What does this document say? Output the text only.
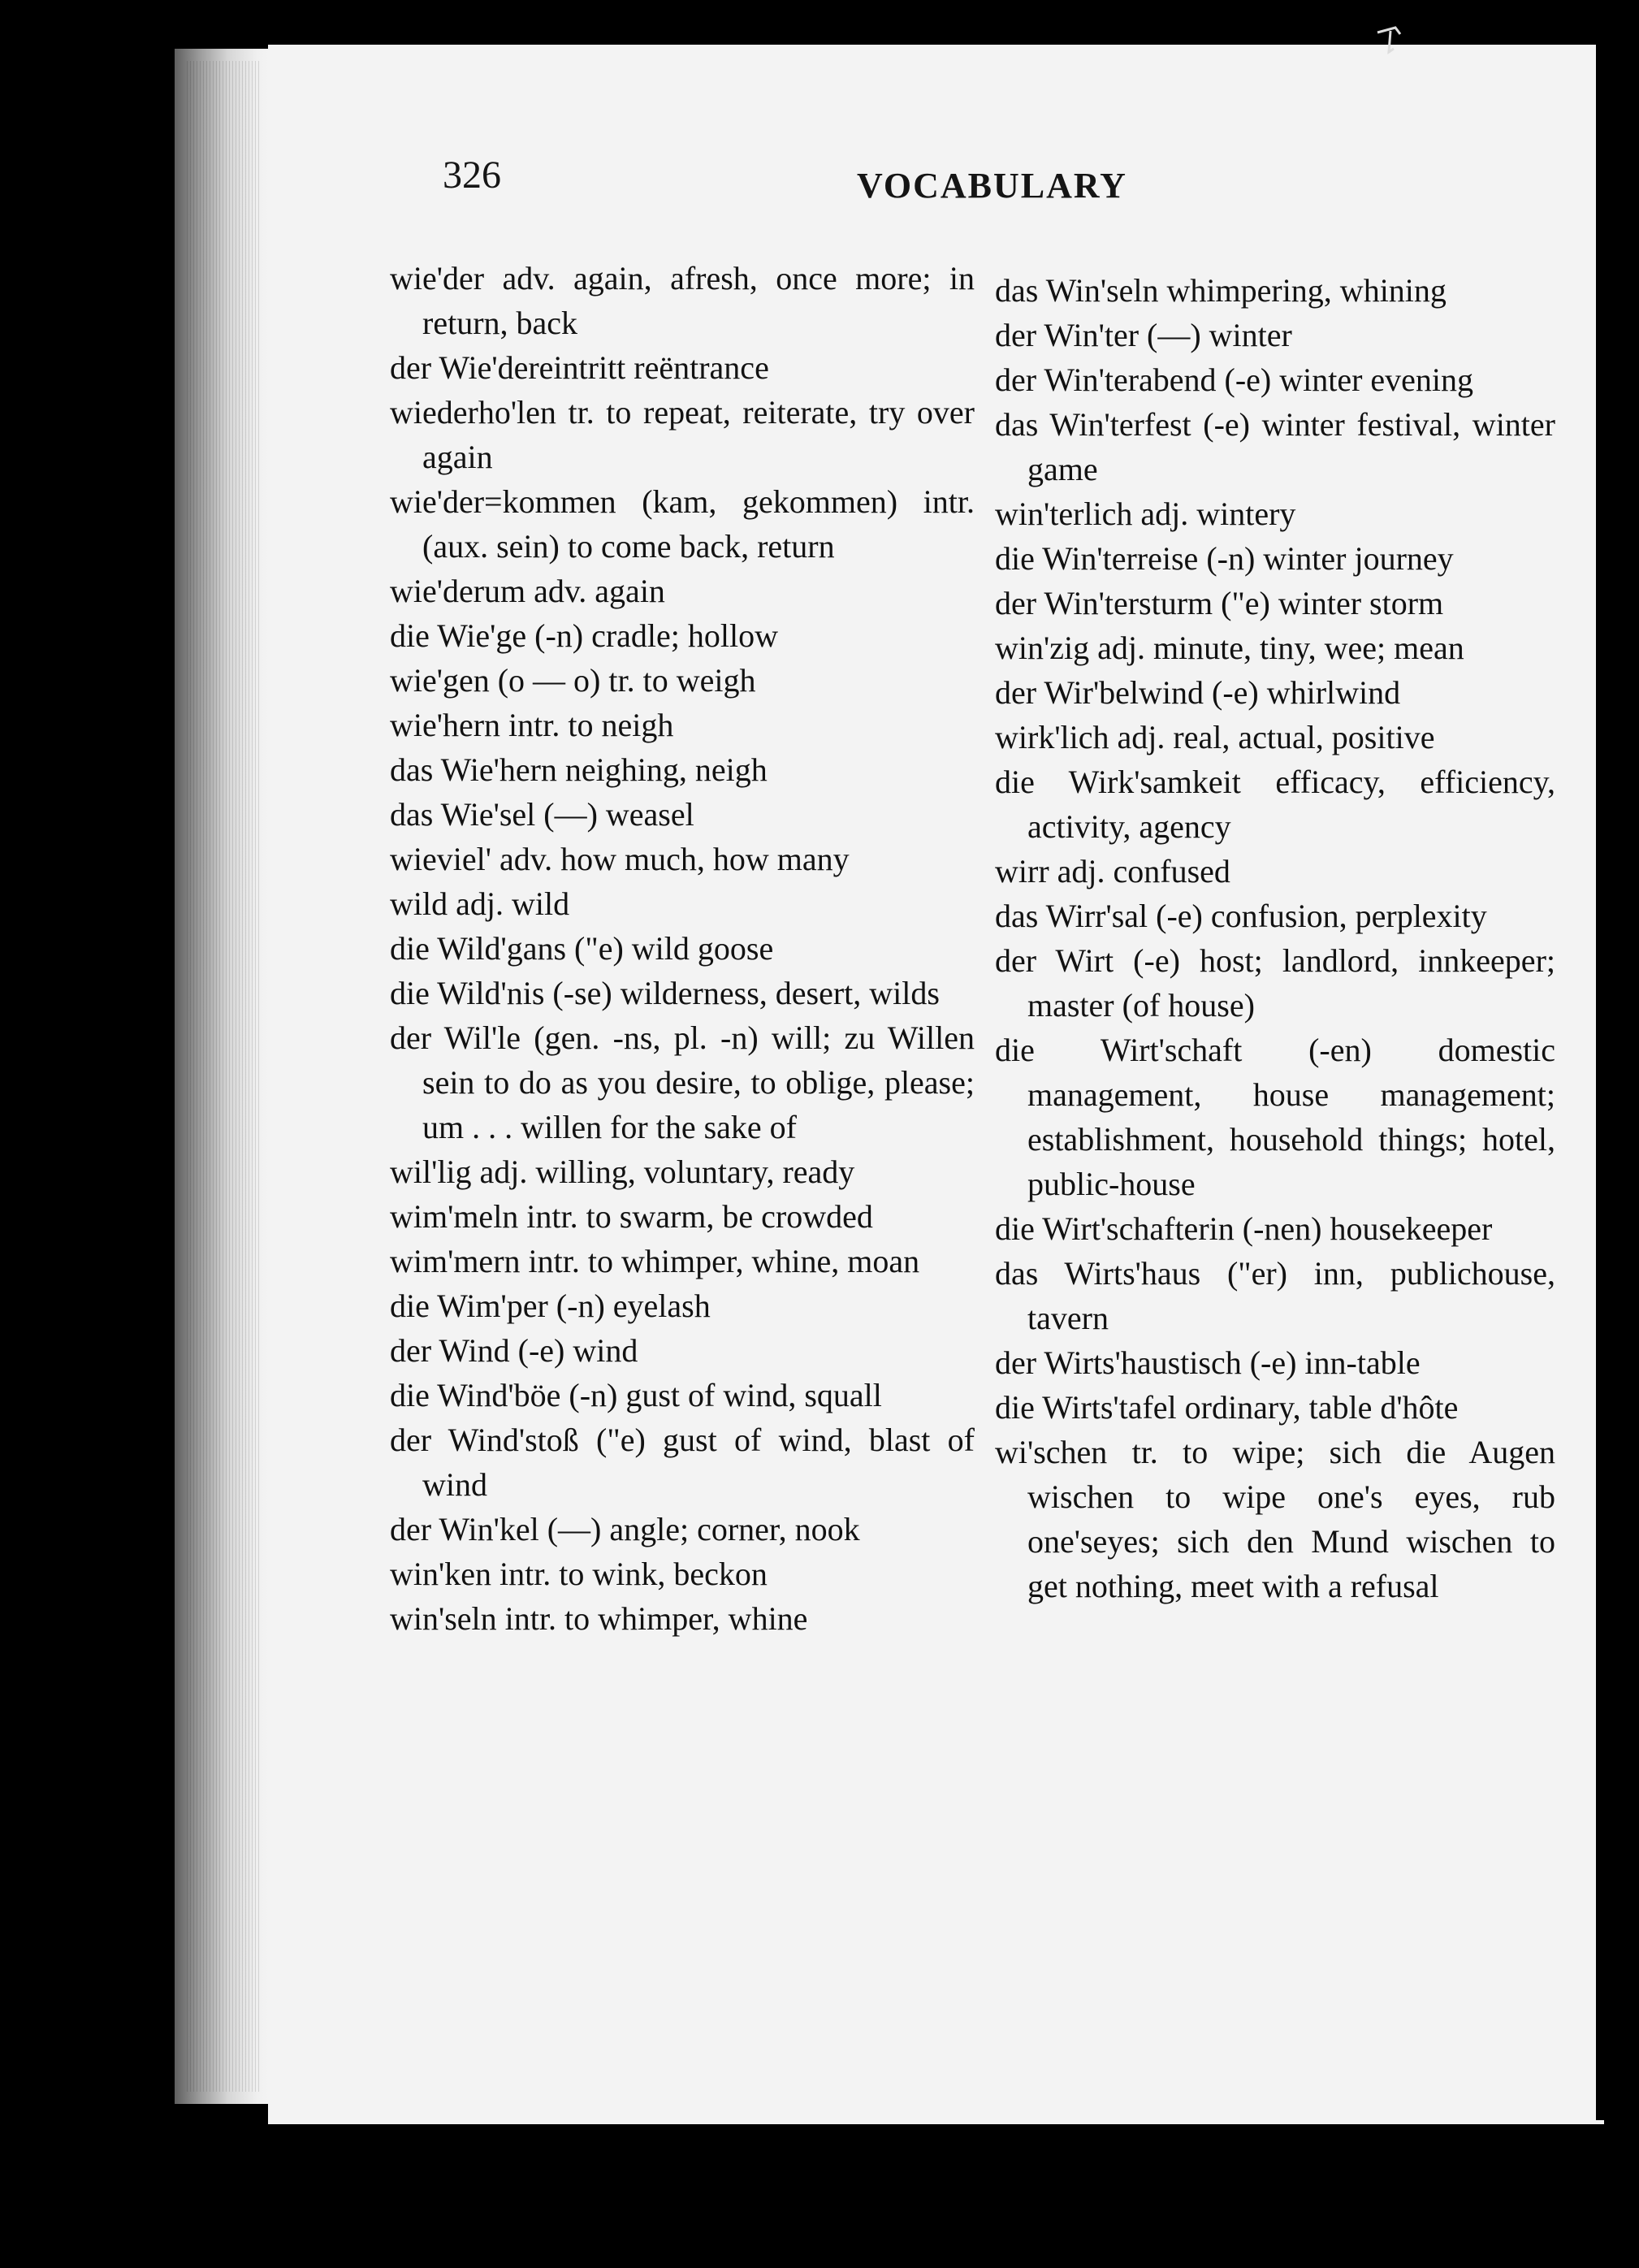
326	VOCABULARY

wie'der adv. again, afresh, once more; in return, back

der Wie'dereintritt reëntrance

wiederho'len tr. to repeat, reiterate, try over again

wie'der=kommen (kam, gekommen) intr. (aux. sein) to come back, return

wie'derum adv. again

die Wie'ge (-n) cradle; hollow

wie'gen (o — o) tr. to weigh

wie'hern intr. to neigh

das Wie'hern neighing, neigh

das Wie'sel (—) weasel

wieviel' adv. how much, how many

wild adj. wild

die Wild'gans ("e) wild goose

die Wild'nis (-se) wilderness, desert, wilds

der Wil'le (gen. -ns, pl. -n) will; zu Willen sein to do as you desire, to oblige, please; um . . . willen for the sake of

wil'lig adj. willing, voluntary, ready

wim'meln intr. to swarm, be crowded

wim'mern intr. to whimper, whine, moan

die Wim'per (-n) eyelash

der Wind (-e) wind

die Wind'böe (-n) gust of wind, squall

der Wind'stoß ("e) gust of wind, blast of wind

der Win'kel (—) angle; corner, nook

win'ken intr. to wink, beckon

win'seln intr. to whimper, whine

das Win'seln whimpering, whining

der Win'ter (—) winter

der Win'terabend (-e) winter evening

das Win'terfest (-e) winter festival, winter game

win'terlich adj. wintery

die Win'terreise (-n) winter journey

der Win'tersturm ("e) winter storm

win'zig adj. minute, tiny, wee; mean

der Wir'belwind (-e) whirlwind

wirk'lich adj. real, actual, positive

die Wirk'samkeit efficacy, efficiency, activity, agency

wirr adj. confused

das Wirr'sal (-e) confusion, perplexity

der Wirt (-e) host; landlord, innkeeper; master (of house)

die Wirt'schaft (-en) domestic management, house management; establishment, household things; hotel, public-house

die Wirt'schafterin (-nen) housekeeper

das Wirts'haus ("er) inn, publichouse, tavern

der Wirts'haustisch (-e) inn-table

die Wirts'tafel ordinary, table d'hôte

wi'schen tr. to wipe; sich die Augen wischen to wipe one's eyes, rub one'seyes; sich den Mund wischen to get nothing, meet with a refusal
